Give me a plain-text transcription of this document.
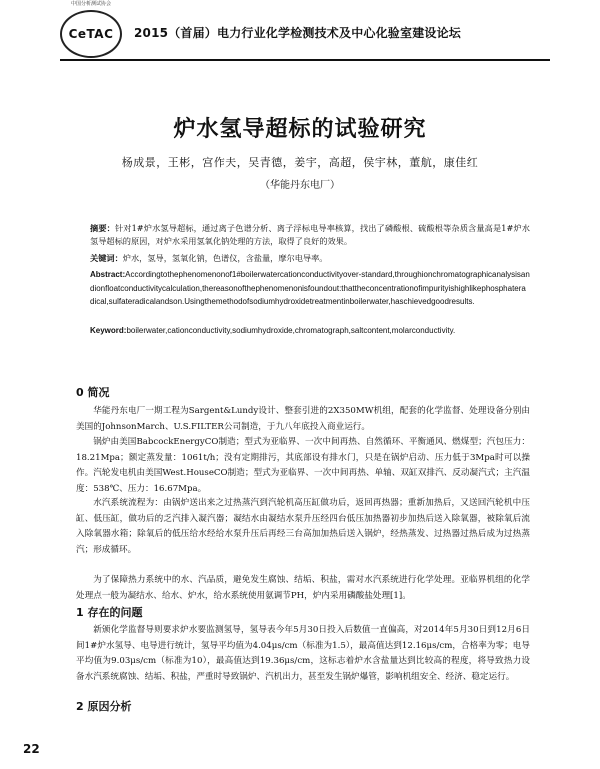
中国分析测试协会
CeTAC 2015（首届）电力行业化学检测技术及中心化验室建设论坛
炉水氢导超标的试验研究
杨成景，王彬，宫作夫，吴青德，姜宇，高超，侯宇林，董航，康佳红
（华能丹东电厂）
摘要：针对1#炉水氢导超标，通过离子色谱分析、离子浮标电导率核算，找出了磷酸根、硫酸根等杂质含量高是1#炉水氢导超标的原因，对炉水采用氢氧化钠处理的方法，取得了良好的效果。
关键词：炉水，氢导，氢氧化钠，色谱仪，含盐量，摩尔电导率。
Abstract:Accordingtothephenomenonof1#boilerwatercationconductivityover-standard,throughionchromatographicanalysisandionfloatconductivitycalculation,thereasonofthephenomenonisfoundout:thattheconcentrationofimpurityishighlikephosphateradical,sulfateradicalandson.Usingthemethodofsodiumhydroxidetreatmentinboilerwater,haschievedgoodresults.
Keyword:boilerwater,cationconductivity,sodiumhydroxide,chromatograph,saltcontent,molarconductivity.
0 简况
华能丹东电厂一期工程为Sargent&Lundy设计、整套引进的2X350MW机组，配套的化学监督、处理设备分别由美国的JohnsonMarch、U.S.FILTER公司制造，于九八年底投入商业运行。
锅炉由美国BabcockEnergyCO制造；型式为亚临界、一次中间再热、自然循环、平衡通风、燃煤型；汽包压力：18.21Mpa；额定蒸发量：1061t/h；没有定期排污，其底部设有排水门，只是在锅炉启动、压力低于3Mpa时可以操作。汽轮发电机由美国West.HouseCO制造；型式为亚临界、一次中间再热、单轴、双缸双排汽、反动凝汽式；主汽温度：538℃、压力：16.67Mpa。
水汽系统流程为：由锅炉送出来之过热蒸汽到汽轮机高压缸做功后，返回再热器；重新加热后，又送回汽轮机中压缸、低压缸，做功后的乏汽排入凝汽器；凝结水由凝结水泵升压经四台低压加热器初步加热后送入除氧器，被除氧后流入除氧器水箱；除氧后的低压给水经给水泵升压后再经三台高加加热后送入锅炉，经热蒸发、过热器过热后成为过热蒸汽；形成循环。
为了保障热力系统中的水、汽品质，避免发生腐蚀、结垢、积盐，需对水汽系统进行化学处理。亚临界机组的化学处理点一般为凝结水、给水、炉水，给水系统使用氨调节PH，炉内采用磷酸盐处理[1]。
1 存在的问题
新颁化学监督导则要求炉水要监测氢导，氢导表今年5月30日投入后数值一直偏高，对2014年5月30日到12月6日间1#炉水氢导、电导进行统计，氢导平均值为4.04μs/cm（标准为1.5），最高值达到12.16μs/cm，合格率为零；电导平均值为9.03μs/cm（标准为10），最高值达到19.36μs/cm，这标志着炉水含盐量达到比较高的程度，将导致热力设备水汽系统腐蚀、结垢、积盐，严重时导致锅炉、汽机出力，甚至发生锅炉爆管，影响机组安全、经济、稳定运行。
2 原因分析
22
